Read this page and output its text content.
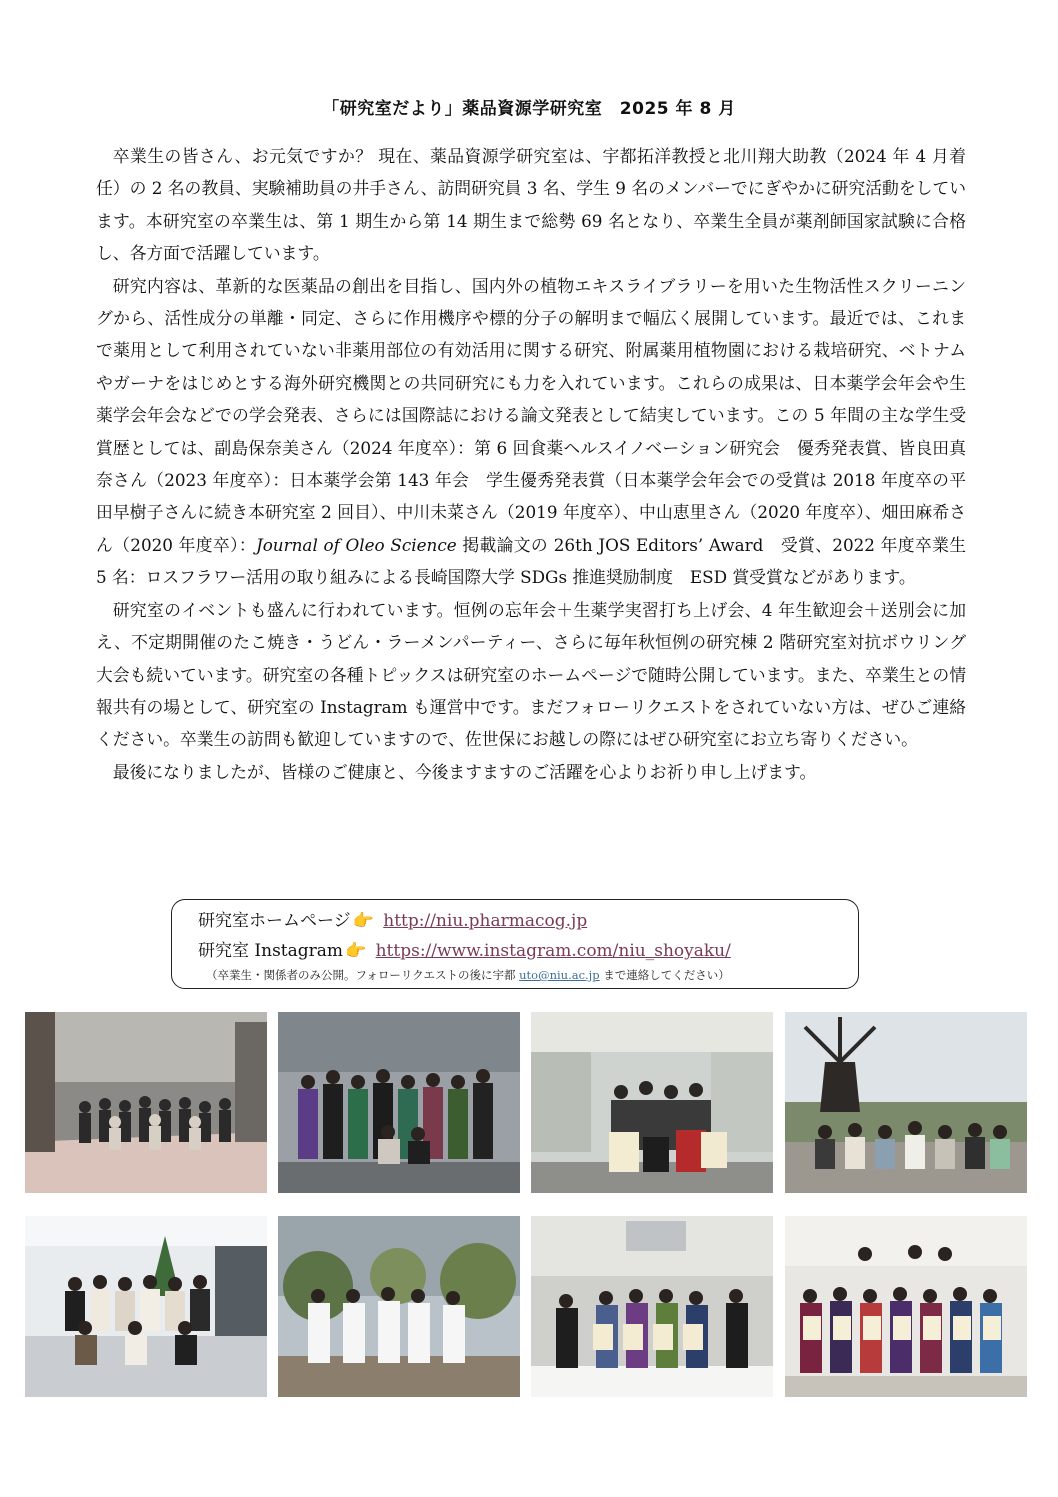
「研究室だより」薬品資源学研究室　2025 年 8 月

卒業生の皆さん、お元気ですか？ 現在、薬品資源学研究室は、宇都拓洋教授と北川翔大助教（2024 年 4 月着任）の 2 名の教員、実験補助員の井手さん、訪問研究員 3 名、学生 9 名のメンバーでにぎやかに研究活動をしています。本研究室の卒業生は、第 1 期生から第 14 期生まで総勢 69 名となり、卒業生全員が薬剤師国家試験に合格し、各方面で活躍しています。

研究内容は、革新的な医薬品の創出を目指し、国内外の植物エキスライブラリーを用いた生物活性スクリーニングから、活性成分の単離・同定、さらに作用機序や標的分子の解明まで幅広く展開しています。最近では、これまで薬用として利用されていない非薬用部位の有効活用に関する研究、附属薬用植物園における栽培研究、ベトナムやガーナをはじめとする海外研究機関との共同研究にも力を入れています。これらの成果は、日本薬学会年会や生薬学会年会などでの学会発表、さらには国際誌における論文発表として結実しています。この 5 年間の主な学生受賞歴としては、副島保奈美さん（2024 年度卒）：第 6 回食薬ヘルスイノベーション研究会　優秀発表賞、皆良田真奈さん（2023 年度卒）：日本薬学会第 143 年会　学生優秀発表賞（日本薬学会年会での受賞は 2018 年度卒の平田早樹子さんに続き本研究室 2 回目）、中川未菜さん（2019 年度卒）、中山恵里さん（2020 年度卒）、畑田麻希さん（2020 年度卒）：Journal of Oleo Science 掲載論文の 26th JOS Editors’ Award　受賞、2022 年度卒業生 5 名：ロスフラワー活用の取り組みによる長崎国際大学 SDGs 推進奨励制度　ESD 賞受賞などがあります。

研究室のイベントも盛んに行われています。恒例の忘年会＋生薬学実習打ち上げ会、4 年生歓迎会＋送別会に加え、不定期開催のたこ焼き・うどん・ラーメンパーティー、さらに毎年秋恒例の研究棟 2 階研究室対抗ボウリング大会も続いています。研究室の各種トピックスは研究室のホームページで随時公開しています。また、卒業生との情報共有の場として、研究室の Instagram も運営中です。まだフォローリクエストをされていない方は、ぜひご連絡ください。卒業生の訪問も歓迎していますので、佐世保にお越しの際にはぜひ研究室にお立ち寄りください。

最後になりましたが、皆様のご健康と、今後ますますのご活躍を心よりお祈り申し上げます。

研究室ホームページ 👉 http://niu.pharmacog.jp
研究室 Instagram 👉 https://www.instagram.com/niu_shoyaku/
（卒業生・関係者のみ公開。フォローリクエストの後に宇都 uto@niu.ac.jp まで連絡してください）
